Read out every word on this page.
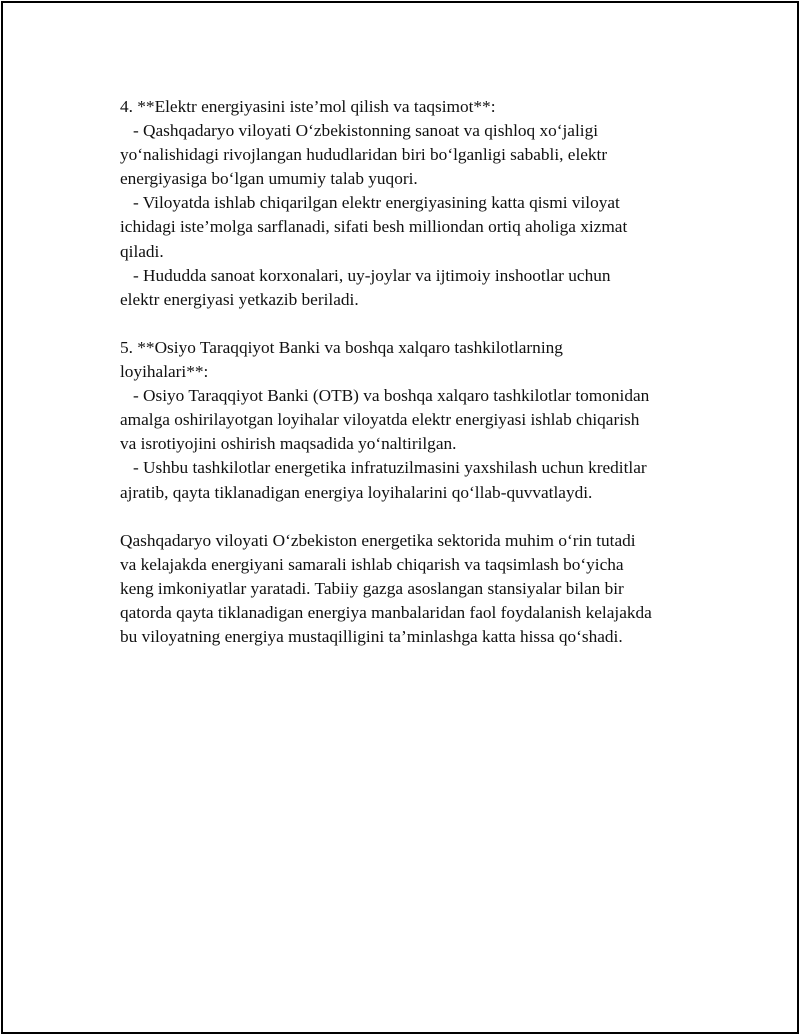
4. **Elektr energiyasini iste’mol qilish va taqsimot**:
- Qashqadaryo viloyati O‘zbekistonning sanoat va qishloq xo‘jaligi
yo‘nalishidagi rivojlangan hududlaridan biri bo‘lganligi sababli, elektr
energiyasiga bo‘lgan umumiy talab yuqori.
- Viloyatda ishlab chiqarilgan elektr energiyasining katta qismi viloyat
ichidagi iste’molga sarflanadi, sifati besh milliondan ortiq aholiga xizmat
qiladi.
- Hududda sanoat korxonalari, uy-joylar va ijtimoiy inshootlar uchun
elektr energiyasi yetkazib beriladi.
5. **Osiyo Taraqqiyot Banki va boshqa xalqaro tashkilotlarning
loyihalari**:
- Osiyo Taraqqiyot Banki (OTB) va boshqa xalqaro tashkilotlar tomonidan
amalga oshirilayotgan loyihalar viloyatda elektr energiyasi ishlab chiqarish
va isrotiyojini oshirish maqsadida yo‘naltirilgan.
- Ushbu tashkilotlar energetika infratuzilmasini yaxshilash uchun kreditlar
ajratib, qayta tiklanadigan energiya loyihalarini qo‘llab-quvvatlaydi.
Qashqadaryo viloyati O‘zbekiston energetika sektorida muhim o‘rin tutadi
va kelajakda energiyani samarali ishlab chiqarish va taqsimlash bo‘yicha
keng imkoniyatlar yaratadi. Tabiiy gazga asoslangan stansiyalar bilan bir
qatorda qayta tiklanadigan energiya manbalaridan faol foydalanish kelajakda
bu viloyatning energiya mustaqilligini ta’minlashga katta hissa qo‘shadi.
